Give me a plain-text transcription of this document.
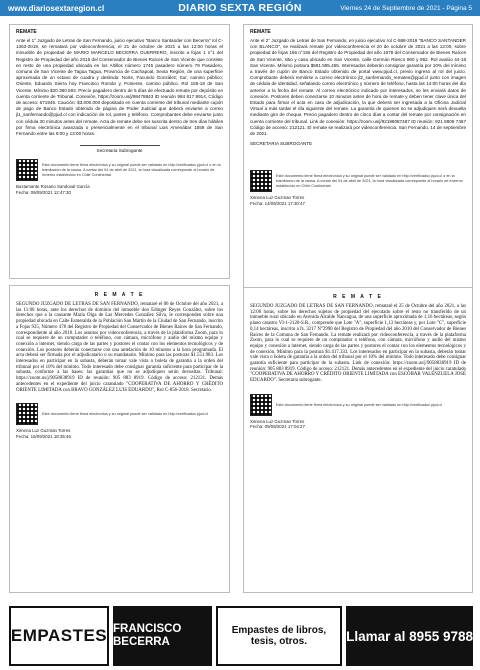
www.diariosextaregion.cl	DIARIO SEXTA REGIÓN	Viernes 24 de Septiembre de 2021 - Página 5
REMATE

Ante el 1° Juzgado de Letras de San Fernando, juicio ejecutivo "Banco Santander con Becerra" rol C-1363-2019, se rematará por videoconferencia, el 21 de octubre de 2021 a las 12:00 horas el inmueble de propiedad de MARIO MARCELO BECERRA GUERRERO, inscrito a fojas 1 n°1 del Registro de Propiedad del año 2015 del Conservador de Bienes Raíces de San Vicente que consiste en resto de una propiedad ubicada en los Altillos número 1745 pasadero número 79 Pasadero, comuna de San Vicente de Tagua Tagua, Provincia de Cachapoal, Sexta Región, de una superficie aproximada de un octavo de cuadra y deslinda: Norte, Facundo González; Sur, camino público; Oriente, Eduardo Sierra hoy Francisco Román y, Poniente, camino público. Rol 155-18 de San Vicente. Mínimo $20.380.593. Precio pagadero dentro de 5 días de efectuado remate por depósito en cuenta corriente de Tribunal. Conexión, https://zoom.us/j/98478843 ID reunión 984 817 8914, Código de acceso: 671946. Caución: $3.000.000 depositado en cuenta corriente del tribunal mediante cupón de pago de Banco Estado obtenido de página de Poder Judicial que deberá enviarse a correo jl1_sanfernando@pjud.cl con indicación de rol, partes y teléfono. Comprobantes debe enviarse junto con cédula 30 minutos antes del remate. Acta de remate debe ser suscrita dentro de tres días hábiles por firma electrónica avanzada o presencialmente en el tribunal Luis Amenábar 1559 de San Fernando entre las 9:00 y 13:00 horas.

Secretaria Subrogante
Este documento tiene firma electrónica y su original puede ser validado en http://verificadoc.pjud.cl o en la tramitación de la causa. A contar del 04 de abril de 2021, la hora visualizada corresponde al horario de invierno establecido en Chile Continental.
Bustamante Rosario Sandoval García
Fecha: 09/09/2021 12:47:30
REMATE

Ante el 2° Juzgado de Letras de San Fernando, en juicio ejecutivo rol C-588-2019 "BANCO SANTANDER con BLANCO", se realizará remate por videoconferencia el 20 de octubre de 2021 a las 12:00, sobre propiedad de fojas 186 n°155 del Registro de Propiedad del año 1978 del Conservador de Bienes Raíces de San Vicente, sitio y casa ubicado en San Vicente, calle Germán Riesco 960 y 962. Rol avalúo 44-18 San Vicente. Mínimo postura $591.595.455. Interesados deberán consignar garantía por 10% del mínimo a través de cupón de Banco Estado obtenido de portal www.pjud.cl, previo ingreso al rol del juicio. Comprobante deberá remitirse a correo electrónico jl2_sanfernando_remates@pjud.cl junto con imagen de cédula de identidad, señalando correo electrónico y número de teléfono, hasta las 14:00 horas del día anterior a la fecha del remate. Al correo electrónico indicado por interesados, se les enviará datos de conexión. Postores deben conectarse 10 minutos antes de hora de remate y deben tener clave única del Estado para firmar el acta en caso de adjudicación, la que deberá ser ingresada a la Oficina Judicial Virtual a más tardar el día siguiente del remate. La garantía de quienes no se adjudiquen será devuelta mediante giro de cheque. Precio pagadero dentro de cinco días a contar del remate por consignación en cuenta corriente del tribunal. Link de conexión: https://zoom.us/j/92188087467 ID reunión: 921 8808 7467 Código de acceso: 212121. El remate se realizará por videoconferencia. San Fernando, 14 de septiembre de 2021.

SECRETARIA SUBROGANTE
Este documento tiene firma electrónica y su original puede ser validado en http://verificadoc.pjud.cl o en la tramitación de la causa. A contar del 04 de abril de 2021, la hora visualizada corresponde al horario de invierno establecido en Chile Continental.
Ximena Luz Guzman Torres
Fecha: 14/09/2021 17:30:47
R E M A T E

SEGUNDO JUZGADO DE LETRAS DE SAN FERNANDO, remataré el 06 de Octubre del año 2021, a las 11:00 horas, ante los derechos de dominio del inmueble don Edinger Reyes González, sobre los derechos que a la causante María Olga de Las Mercedes González Silva, le corresponden sobre una propiedad ubicada en Calle Esmeralda de la Población San Martín de la Ciudad de San Fernando, inscrito a Fojas 935, Número 478 del Registro de Propiedad del Conservador de Bienes Raíces de San Fernando, correspondiente al año 2018. Los asuntos por videoconferencia, a través de la plataforma Zoom, para lo cual se requiere de un computador o teléfono, con cámara, micrófono y audio del mismo equipo y conexión a internet, siendo carga de las partes y postores el contar con los elementos tecnológicos y de conexión. Los postores deberán conectarse con una antelación de 10 minutos a la hora programada. El acta deberá ser firmada por el adjudicatario o su mandatario. Mínimo para las posturas $1.551.983. Los interesados en participar en la subasta, deberán tomar vale vista o boleta de garantía a la orden del tribunal por el 10% del mínimo. Todo interesado debe consignar garantía suficiente para participar de la subasta, conforme a las bases; las garantías que no se adjudiquen serán devueltas. Tribunal: https://zoom.us/j/9058838919 ID de reunión: 905 883 8919. Código de acceso: 212121. Demás antecedentes en el expediente del juicio caratulado "COOPERATIVA DE AHORRO Y CRÉDITO ORIENTE LIMITADA con BRAVO GONZÁLEZ LUIS EDUARDO", Rol C-856-2018. Secretario.

Este documento tiene firma electrónica y su original puede ser validado en http://verificadoc.pjud.cl
Ximena Luz Guzman Torres
Fecha: 15/09/2021 18:35:46
R E M A T E

SEGUNDO JUZGADO DE LETRAS DE SAN FERNANDO, remataré el 25 de Octubre del año 2021, a las 12:00 horas, sobre los derechos sujetos de propiedad del ejecutado sobre el resto no transferido de un inmueble rural ubicado en Avenida Alcalde Nancagua, de una superficie aproximada de 1,16 hectáreas, según plano catastro VI-1-2120-S.R., comprende que Lote "A", superficie 1,13 hectáreas y, por Lote "C", superficie 0,14 hectáreas, inscrito a fs. 3217 N°2990 del Registro de Propiedad del año 2010 del Conservador de Bienes Raíces de la Comuna de San Fernando. La remate realizará por videoconferencia, a través de la plataforma Zoom, para lo cual se requiere de un computador o teléfono, con cámara, micrófono y audio del mismo equipo y conexión a internet, siendo carga de las partes y postores el contar con los elementos tecnológicos y de conexión. Mínimo para la postura $1.417.333. Los interesados en participar en la subasta, deberán tomar vale vista o boleta de garantía a la orden del tribunal por el 10% del mínimo. Todo interesado debe consignar garantía suficiente para participar de la subasta. Link de conexión: https://zoom.us/j/9058838919 ID de reunión: 905 883 8919. Código de acceso: 212121. Demás antecedentes en el expediente del juicio caratulado "COOPERATIVA DE AHORRO Y CRÉDITO ORIENTE LIMITADA con ESCOBAR VALENZUELA JOSÉ EDUARDO". Secretaria subrogante.

Este documento tiene firma electrónica y su original puede ser validado en http://verificadoc.pjud.cl
Ximena Luz Guzman Torres
Fecha: 09/09/2021 17:04:27
EMPASTES FRANCISCO BECERRA
Empastes de libros, tesis, otros.	Llamar al 8955 9788
